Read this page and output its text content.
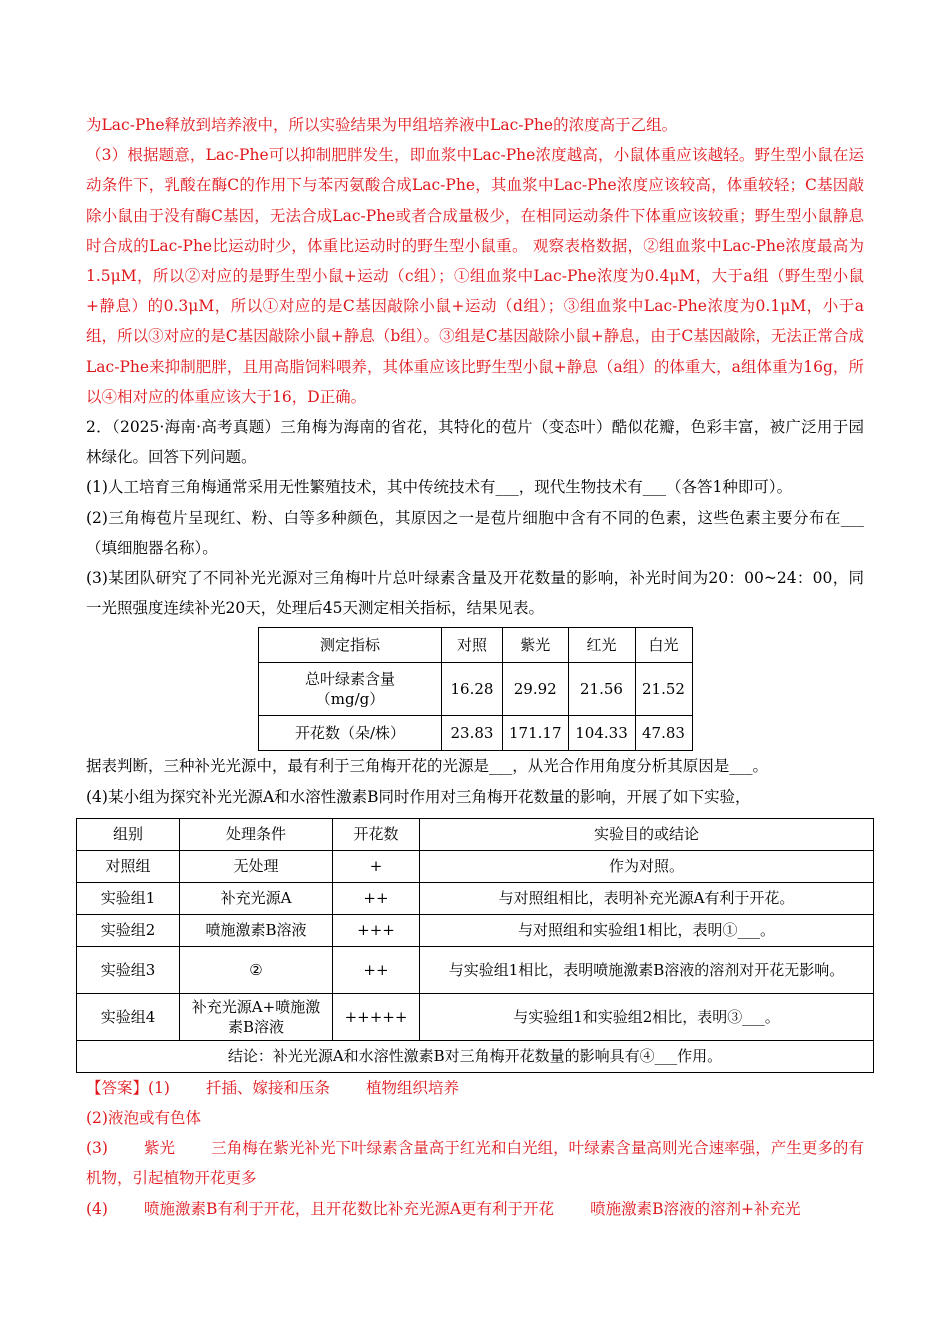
为Lac-Phe释放到培养液中，所以实验结果为甲组培养液中Lac-Phe的浓度高于乙组。

（3）根据题意，Lac-Phe可以抑制肥胖发生，即血浆中Lac-Phe浓度越高，小鼠体重应该越轻。野生型小鼠在运动条件下，乳酸在酶C的作用下与苯丙氨酸合成Lac-Phe，其血浆中Lac-Phe浓度应该较高，体重较轻；C基因敲除小鼠由于没有酶C基因，无法合成Lac-Phe或者合成量极少，在相同运动条件下体重应该较重；野生型小鼠静息时合成的Lac-Phe比运动时少，体重比运动时的野生型小鼠重。 观察表格数据，②组血浆中Lac-Phe浓度最高为1.5μM，所以②对应的是野生型小鼠+运动（c组）；①组血浆中Lac-Phe浓度为0.4μM，大于a组（野生型小鼠+静息）的0.3μM，所以①对应的是C基因敲除小鼠+运动（d组）；③组血浆中Lac-Phe浓度为0.1μM，小于a组，所以③对应的是C基因敲除小鼠+静息（b组）。③组是C基因敲除小鼠+静息，由于C基因敲除，无法正常合成Lac-Phe来抑制肥胖，且用高脂饲料喂养，其体重应该比野生型小鼠+静息（a组）的体重大，a组体重为16g，所以④相对应的体重应该大于16，D正确。

2．（2025·海南·高考真题）三角梅为海南的省花，其特化的苞片（变态叶）酷似花瓣，色彩丰富，被广泛用于园林绿化。回答下列问题。

(1)人工培育三角梅通常采用无性繁殖技术，其中传统技术有___，现代生物技术有___（各答1种即可）。

(2)三角梅苞片呈现红、粉、白等多种颜色，其原因之一是苞片细胞中含有不同的色素，这些色素主要分布在___（填细胞器名称）。

(3)某团队研究了不同补光光源对三角梅叶片总叶绿素含量及开花数量的影响，补光时间为20：00~24：00，同一光照强度连续补光20天，处理后45天测定相关指标，结果见表。

测定指标	对照	紫光	红光	白光
总叶绿素含量
（mg/g）	16.28	29.92	21.56	21.52
开花数（朵/株）	23.83	171.17	104.33	47.83

据表判断，三种补光光源中，最有利于三角梅开花的光源是___，从光合作用角度分析其原因是___。

(4)某小组为探究补光光源A和水溶性激素B同时作用对三角梅开花数量的影响，开展了如下实验，

组别	处理条件	开花数	实验目的或结论
对照组	无处理	+	作为对照。
实验组1	补充光源A	++	与对照组相比，表明补充光源A有利于开花。
实验组2	喷施激素B溶液	+++	与对照组和实验组1相比，表明①___。
实验组3	②	++	与实验组1相比，表明喷施激素B溶液的溶剂对开花无影响。
实验组4	补充光源A+喷施激素B溶液	+++++	与实验组1和实验组2相比，表明③___。
结论：补光光源A和水溶性激素B对三角梅开花数量的影响具有④___作用。			

【答案】(1) 扦插、嫁接和压条 植物组织培养

(2)液泡或有色体

(3) 紫光 三角梅在紫光补光下叶绿素含量高于红光和白光组，叶绿素含量高则光合速率强，产生更多的有机物，引起植物开花更多

(4) 喷施激素B有利于开花，且开花数比补充光源A更有利于开花 喷施激素B溶液的溶剂+补充光
